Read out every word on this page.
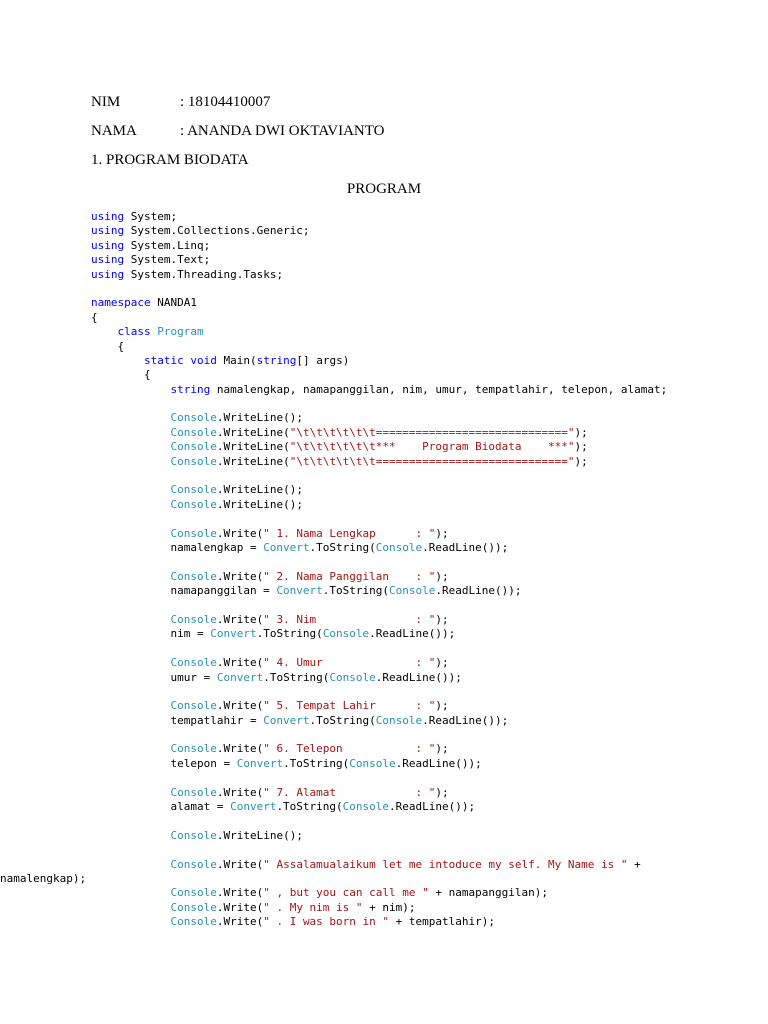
NIM	: 18104410007
NAMA	: ANANDA DWI OKTAVIANTO
1. PROGRAM BIODATA
PROGRAM
using System;
using System.Collections.Generic;
using System.Linq;
using System.Text;
using System.Threading.Tasks;
namespace NANDA1
{
class Program
{
static void Main(string[] args)
{
string namalengkap, namapanggilan, nim, umur, tempatlahir, telepon, alamat;
Console.WriteLine();
Console.WriteLine("\t\t\t\t\t\t=============================");
Console.WriteLine("\t\t\t\t\t\t***    Program Biodata    ***");
Console.WriteLine("\t\t\t\t\t\t=============================");
Console.WriteLine();
Console.WriteLine();
Console.Write(" 1. Nama Lengkap      : ");
namalengkap = Convert.ToString(Console.ReadLine());
Console.Write(" 2. Nama Panggilan    : ");
namapanggilan = Convert.ToString(Console.ReadLine());
Console.Write(" 3. Nim               : ");
nim = Convert.ToString(Console.ReadLine());
Console.Write(" 4. Umur              : ");
umur = Convert.ToString(Console.ReadLine());
Console.Write(" 5. Tempat Lahir      : ");
tempatlahir = Convert.ToString(Console.ReadLine());
Console.Write(" 6. Telepon           : ");
telepon = Convert.ToString(Console.ReadLine());
Console.Write(" 7. Alamat            : ");
alamat = Convert.ToString(Console.ReadLine());
Console.WriteLine();
Console.Write(" Assalamualaikum let me intoduce my self. My Name is " +
namalengkap);
Console.Write(" , but you can call me " + namapanggilan);
Console.Write(" . My nim is " + nim);
Console.Write(" . I was born in " + tempatlahir);
